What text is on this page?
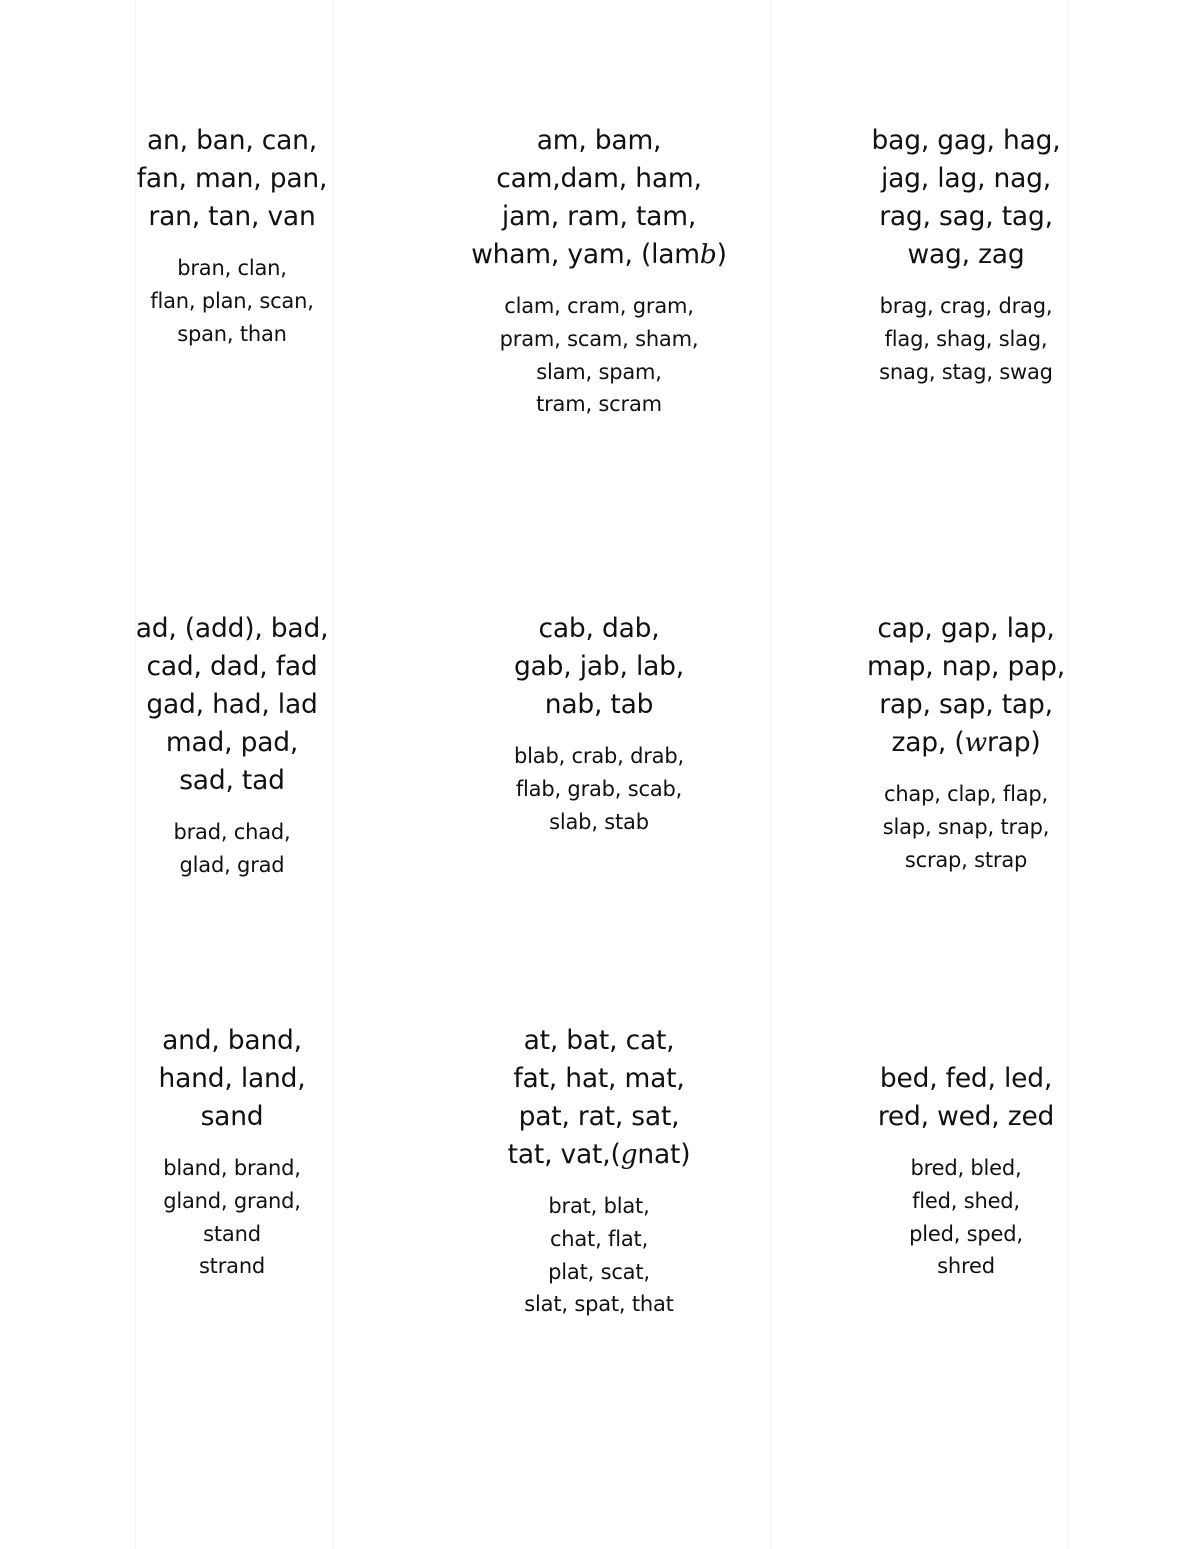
an, ban, can,
fan, man, pan,
ran, tan, van
bran, clan,
flan, plan, scan,
span, than
am, bam,
cam,dam, ham,
jam, ram, tam,
wham, yam, (lamb)
clam, cram, gram,
pram, scam, sham,
slam, spam,
tram, scram
bag, gag, hag,
jag, lag, nag,
rag, sag, tag,
wag, zag
brag, crag, drag,
flag, shag, slag,
snag, stag, swag
ad, (add), bad,
cad, dad, fad
gad, had, lad
mad, pad,
sad, tad
brad, chad,
glad, grad
cab, dab,
gab, jab, lab,
nab, tab
blab, crab, drab,
flab, grab, scab,
slab, stab
cap, gap, lap,
map, nap, pap,
rap, sap, tap,
zap, (wrap)
chap, clap, flap,
slap, snap, trap,
scrap, strap
and, band,
hand, land,
sand
bland, brand,
gland, grand,
stand
strand
at, bat, cat,
fat, hat, mat,
pat, rat, sat,
tat, vat,(gnat)
brat, blat,
chat, flat,
plat, scat,
slat, spat, that
bed, fed, led,
red, wed, zed
bred, bled,
fled, shed,
pled, sped,
shred
